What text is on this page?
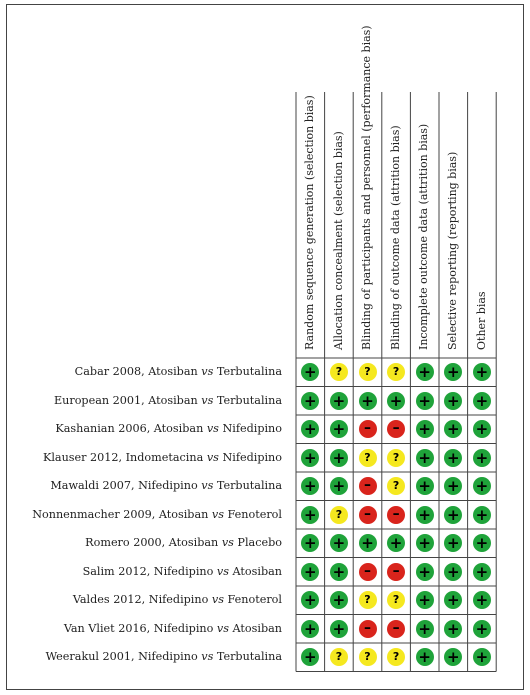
Random sequence generation (selection bias) Allocation concealment (selection bias) Blinding of participants and personnel (performance bias) Blinding of outcome data (attrition bias) Incomplete outcome data (attrition bias) Selective reporting (reporting bias) Other bias
Cabar 2008, Atosiban vs Terbutalina +	?	?	?	+ + +
European 2001, Atosiban vs Terbutalina + + + + + + +
Kashanian 2006, Atosiban vs Nifedipino + +	–	–	+ + +
Klauser 2012, Indometacina vs Nifedipino + +	?	?	+ + +
Mawaldi 2007, Nifedipino vs Terbutalina + +	–	?	+ + +
Nonnenmacher 2009, Atosiban vs Fenoterol +	?	–	–	+ + +
Romero 2000, Atosiban vs Placebo + + + + + + +
Salim 2012, Nifedipino vs Atosiban + +	–	–	+ + +
Valdes 2012, Nifedipino vs Fenoterol + +	?	?	+ + +
Van Vliet 2016, Nifedipino vs Atosiban + +	–	–	+ + +
Weerakul 2001, Nifedipino vs Terbutalina +	?	?	?	+ + +
